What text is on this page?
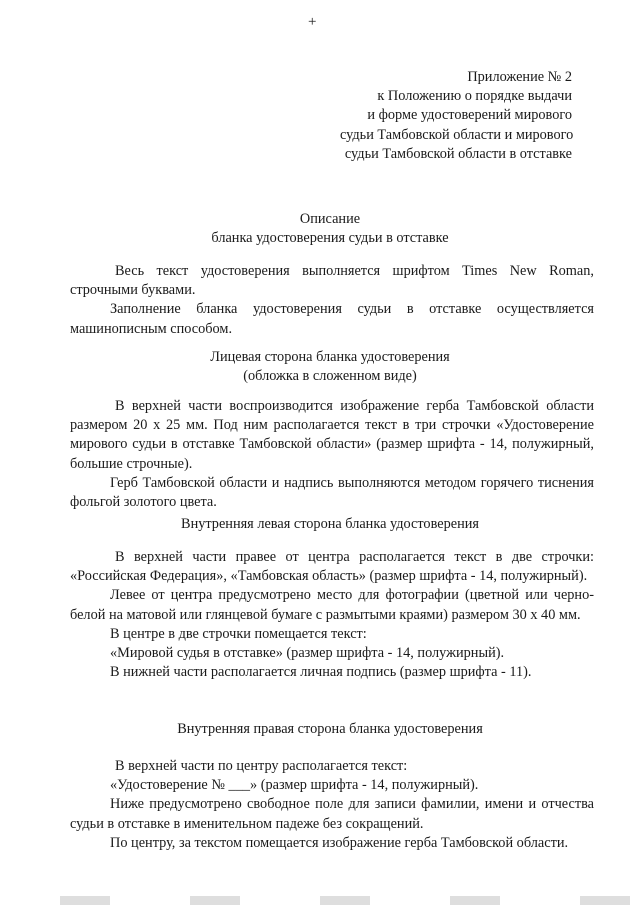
+
Приложение № 2
к Положению о порядке выдачи
и форме удостоверений мирового
судьи Тамбовской области и мирового
судьи Тамбовской области в отставке
Описание
бланка удостоверения судьи в отставке

Весь текст удостоверения выполняется шрифтом Times New Roman, строчными буквами.

Заполнение бланка удостоверения судьи в отставке осуществляется машинописным способом.

Лицевая сторона бланка удостоверения
(обложка в сложенном виде)

В верхней части воспроизводится изображение герба Тамбовской области размером 20 x 25 мм. Под ним располагается текст в три строчки «Удостоверение мирового судьи в отставке Тамбовской области» (размер шрифта - 14, полужирный, большие строчные).

Герб Тамбовской области и надпись выполняются методом горячего тиснения фольгой золотого цвета.

Внутренняя левая сторона бланка удостоверения

В верхней части правее от центра располагается текст в две строчки: «Российская Федерация», «Тамбовская область» (размер шрифта - 14, полужирный).

Левее от центра предусмотрено место для фотографии (цветной или черно-белой на матовой или глянцевой бумаге с размытыми краями) размером 30 x 40 мм.

В центре в две строчки помещается текст:

«Мировой судья в отставке» (размер шрифта - 14, полужирный).

В нижней части располагается личная подпись (размер шрифта - 11).

Внутренняя правая сторона бланка удостоверения

В верхней части по центру располагается текст:

«Удостоверение № ___» (размер шрифта - 14, полужирный).

Ниже предусмотрено свободное поле для записи фамилии, имени и отчества судьи в отставке в именительном падеже без сокращений.

По центру, за текстом помещается изображение герба Тамбовской области.
